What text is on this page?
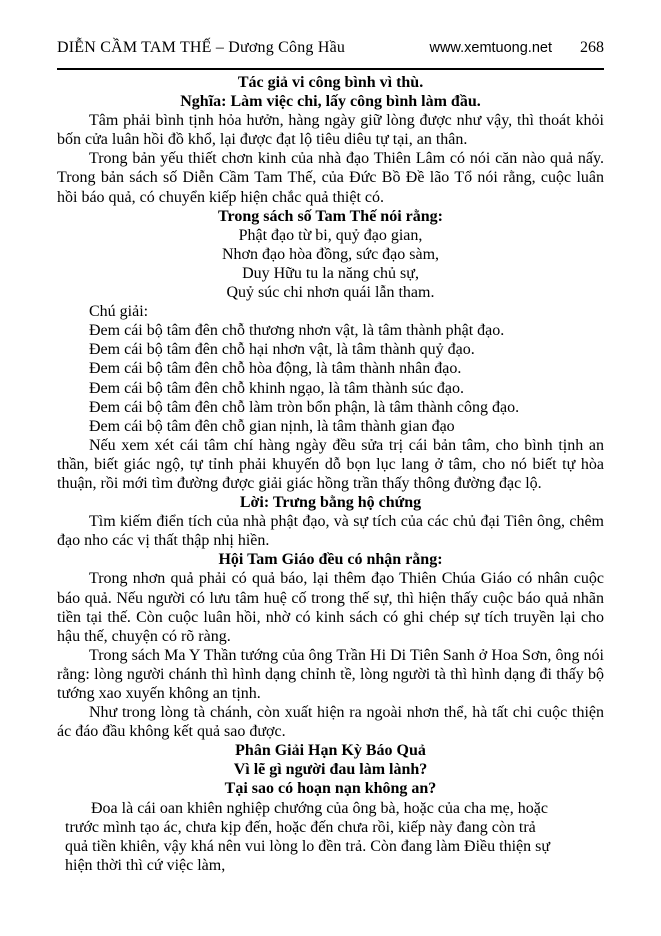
DIỄN CẦM TAM THẾ – Dương Công Hầu	www.xemtuong.net 268

Tác giả vi công bình vì thù.

Nghĩa: Làm việc chi, lấy công bình làm đầu.

Tâm phải bình tịnh hỏa hưởn, hàng ngày giữ lòng được như vậy, thì thoát khỏi bốn cửa luân hồi đồ khổ, lại được đạt lộ tiêu diêu tự tại, an thân.

Trong bản yếu thiết chơn kinh của nhà đạo Thiên Lâm có nói căn nào quả nấy. Trong bản sách số Diễn Cầm Tam Thế, của Đức Bồ Đề lão Tổ nói rằng, cuộc luân hồi báo quả, có chuyển kiếp hiện chắc quả thiệt có.

Trong sách số Tam Thế nói rằng:

Phật đạo từ bi, quỷ đạo gian,

Nhơn đạo hòa đồng, sức đạo sàm,

Duy Hữu tu la năng chủ sự,

Quỷ súc chi nhơn quái lẫn tham.

Chú giải:

Đem cái bộ tâm đên chỗ thương nhơn vật, là tâm thành phật đạo.

Đem cái bộ tâm đên chỗ hại nhơn vật, là tâm thành quỷ đạo.

Đem cái bộ tâm đên chỗ hòa động, là tâm thành nhân đạo.

Đem cái bộ tâm đên chỗ khinh ngạo, là tâm thành súc đạo.

Đem cái bộ tâm đên chỗ làm tròn bổn phận, là tâm thành công đạo.

Đem cái bộ tâm đên chỗ gian nịnh, là tâm thành gian đạo

Nếu xem xét cái tâm chí hàng ngày đều sửa trị cái bản tâm, cho bình tịnh an thần, biết giác ngộ, tự tỉnh phải khuyến dỗ bọn lục lang ở tâm, cho nó biết tự hòa thuận, rồi mới tìm đường được giải giác hồng trần thấy thông đường đạc lộ.

Lời: Trưng bằng hộ chứng

Tìm kiếm điển tích của nhà phật đạo, và sự tích của các chủ đại Tiên ông, chêm đạo nho các vị thất thập nhị hiền.

Hội Tam Giáo đều có nhận rằng:

Trong nhơn quả phải có quả báo, lại thêm đạo Thiên Chúa Giáo có nhân cuộc báo quả. Nếu người có lưu tâm huệ cố trong thế sự, thì hiện thấy cuộc báo quả nhãn tiền tại thế. Còn cuộc luân hồi, nhờ có kinh sách có ghi chép sự tích truyền lại cho hậu thế, chuyện có rõ ràng.

Trong sách Ma Y Thần tướng của ông Trần Hi Di Tiên Sanh ở Hoa Sơn, ông nói rằng: lòng người chánh thì hình dạng chỉnh tề, lòng người tà thì hình dạng đi thấy bộ tướng xao xuyến không an tịnh.

Như trong lòng tà chánh, còn xuất hiện ra ngoài nhơn thể, hà tất chi cuộc thiện ác đáo đầu không kết quả sao được.

Phân Giải Hạn Kỳ Báo Quả

Vì lẽ gì người đau làm lành?

Tại sao có hoạn nạn không an?

Đoa là cái oan khiên nghiệp chướng của ông bà, hoặc của cha mẹ, hoặc trước mình tạo ác, chưa kịp đến, hoặc đến chưa rồi, kiếp này đang còn trả quả tiền khiên, vậy khá nên vui lòng lo đền trả. Còn đang làm Điều thiện sự hiện thời thì cứ việc làm,
